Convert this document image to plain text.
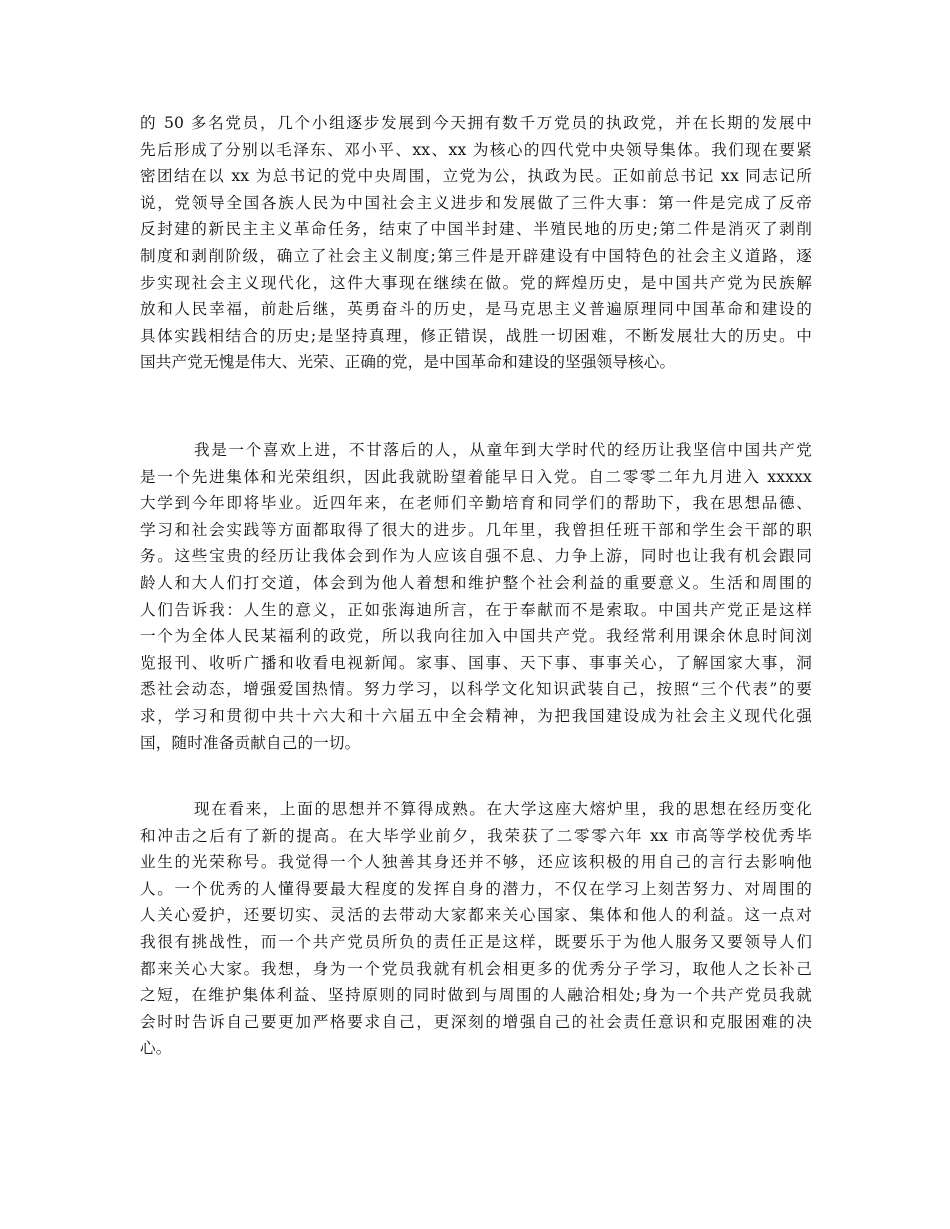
的 50 多名党员，几个小组逐步发展到今天拥有数千万党员的执政党，并在长期的发展中
先后形成了分别以毛泽东、邓小平、xx、xx 为核心的四代党中央领导集体。我们现在要紧
密团结在以 xx 为总书记的党中央周围，立党为公，执政为民。正如前总书记 xx 同志记所
说，党领导全国各族人民为中国社会主义进步和发展做了三件大事：第一件是完成了反帝
反封建的新民主主义革命任务，结束了中国半封建、半殖民地的历史;第二件是消灭了剥削
制度和剥削阶级，确立了社会主义制度;第三件是开辟建设有中国特色的社会主义道路，逐
步实现社会主义现代化，这件大事现在继续在做。党的辉煌历史，是中国共产党为民族解
放和人民幸福，前赴后继，英勇奋斗的历史，是马克思主义普遍原理同中国革命和建设的
具体实践相结合的历史;是坚持真理，修正错误，战胜一切困难，不断发展壮大的历史。中
国共产党无愧是伟大、光荣、正确的党，是中国革命和建设的坚强领导核心。
我是一个喜欢上进，不甘落后的人，从童年到大学时代的经历让我坚信中国共产党
是一个先进集体和光荣组织，因此我就盼望着能早日入党。自二零零二年九月进入 xxxxx
大学到今年即将毕业。近四年来，在老师们辛勤培育和同学们的帮助下，我在思想品德、
学习和社会实践等方面都取得了很大的进步。几年里，我曾担任班干部和学生会干部的职
务。这些宝贵的经历让我体会到作为人应该自强不息、力争上游，同时也让我有机会跟同
龄人和大人们打交道，体会到为他人着想和维护整个社会利益的重要意义。生活和周围的
人们告诉我：人生的意义，正如张海迪所言，在于奉献而不是索取。中国共产党正是这样
一个为全体人民某福利的政党，所以我向往加入中国共产党。我经常利用课余休息时间浏
览报刊、收听广播和收看电视新闻。家事、国事、天下事、事事关心，了解国家大事，洞
悉社会动态，增强爱国热情。努力学习，以科学文化知识武装自己，按照“三个代表”的要
求，学习和贯彻中共十六大和十六届五中全会精神，为把我国建设成为社会主义现代化强
国，随时准备贡献自己的一切。
现在看来，上面的思想并不算得成熟。在大学这座大熔炉里，我的思想在经历变化
和冲击之后有了新的提高。在大毕学业前夕，我荣获了二零零六年 xx 市高等学校优秀毕
业生的光荣称号。我觉得一个人独善其身还并不够，还应该积极的用自己的言行去影响他
人。一个优秀的人懂得要最大程度的发挥自身的潜力，不仅在学习上刻苦努力、对周围的
人关心爱护，还要切实、灵活的去带动大家都来关心国家、集体和他人的利益。这一点对
我很有挑战性，而一个共产党员所负的责任正是这样，既要乐于为他人服务又要领导人们
都来关心大家。我想，身为一个党员我就有机会相更多的优秀分子学习，取他人之长补己
之短，在维护集体利益、坚持原则的同时做到与周围的人融洽相处;身为一个共产党员我就
会时时告诉自己要更加严格要求自己，更深刻的增强自己的社会责任意识和克服困难的决
心。
